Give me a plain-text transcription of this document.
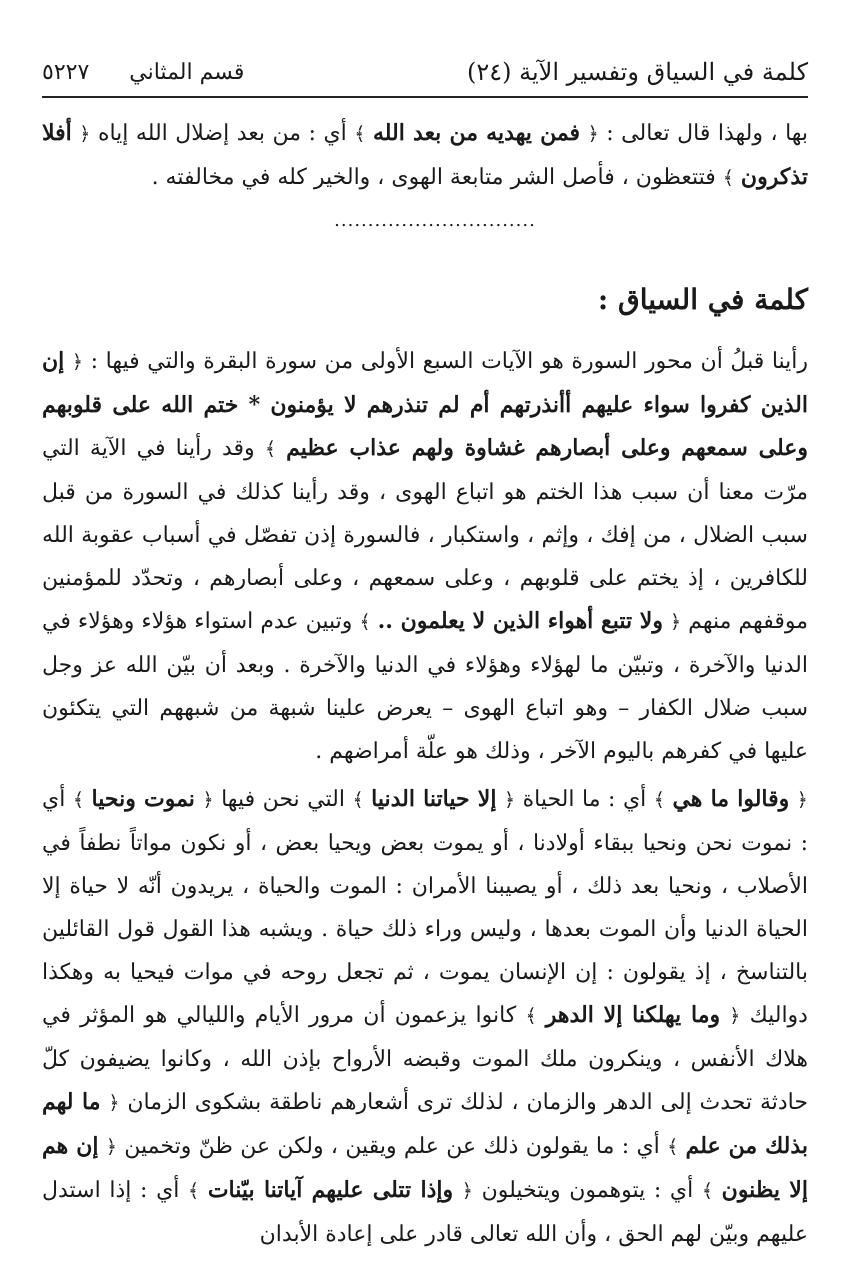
كلمة في السياق وتفسير الآية (٢٤)
قسم المثاني
٥٢٢٧

بها ، ولهذا قال تعالى : ﴿ فمن يهديه من بعد الله ﴾ أي : من بعد إضلال الله إياه ﴿ أفلا تذكرون ﴾ فتتعظون ، فأصل الشر متابعة الهوى ، والخير كله في مخالفته .

..............................
كلمة في السياق :

رأينا قبلُ أن محور السورة هو الآيات السبع الأولى من سورة البقرة والتي فيها : ﴿ إن الذين كفروا سواء عليهم أأنذرتهم أم لم تنذرهم لا يؤمنون * ختم الله على قلوبهم وعلى سمعهم وعلى أبصارهم غشاوة ولهم عذاب عظيم ﴾ وقد رأينا في الآية التي مرّت معنا أن سبب هذا الختم هو اتباع الهوى ، وقد رأينا كذلك في السورة من قبل سبب الضلال ، من إفك ، وإثم ، واستكبار ، فالسورة إذن تفصّل في أسباب عقوبة الله للكافرين ، إذ يختم على قلوبهم ، وعلى سمعهم ، وعلى أبصارهم ، وتحدّد للمؤمنين موقفهم منهم ﴿ ولا تتبع أهواء الذين لا يعلمون .. ﴾ وتبين عدم استواء هؤلاء وهؤلاء في الدنيا والآخرة ، وتبيّن ما لهؤلاء وهؤلاء في الدنيا والآخرة . وبعد أن بيّن الله عز وجل سبب ضلال الكفار – وهو اتباع الهوى – يعرض علينا شبهة من شبههم التي يتكئون عليها في كفرهم باليوم الآخر ، وذلك هو علّة أمراضهم .

﴿ وقالوا ما هي ﴾ أي : ما الحياة ﴿ إلا حياتنا الدنيا ﴾ التي نحن فيها ﴿ نموت ونحيا ﴾ أي : نموت نحن ونحيا ببقاء أولادنا ، أو يموت بعض ويحيا بعض ، أو نكون مواتاً نطفاً في الأصلاب ، ونحيا بعد ذلك ، أو يصيبنا الأمران : الموت والحياة ، يريدون أنّه لا حياة إلا الحياة الدنيا وأن الموت بعدها ، وليس وراء ذلك حياة . ويشبه هذا القول قول القائلين بالتناسخ ، إذ يقولون : إن الإنسان يموت ، ثم تجعل روحه في موات فيحيا به وهكذا دواليك ﴿ وما يهلكنا إلا الدهر ﴾ كانوا يزعمون أن مرور الأيام والليالي هو المؤثر في هلاك الأنفس ، وينكرون ملك الموت وقبضه الأرواح بإذن الله ، وكانوا يضيفون كلّ حادثة تحدث إلى الدهر والزمان ، لذلك ترى أشعارهم ناطقة بشكوى الزمان ﴿ ما لهم بذلك من علم ﴾ أي : ما يقولون ذلك عن علم ويقين ، ولكن عن ظنّ وتخمين ﴿ إن هم إلا يظنون ﴾ أي : يتوهمون ويتخيلون ﴿ وإذا تتلى عليهم آياتنا بيّنات ﴾ أي : إذا استدل عليهم وبيّن لهم الحق ، وأن الله تعالى قادر على إعادة الأبدان
